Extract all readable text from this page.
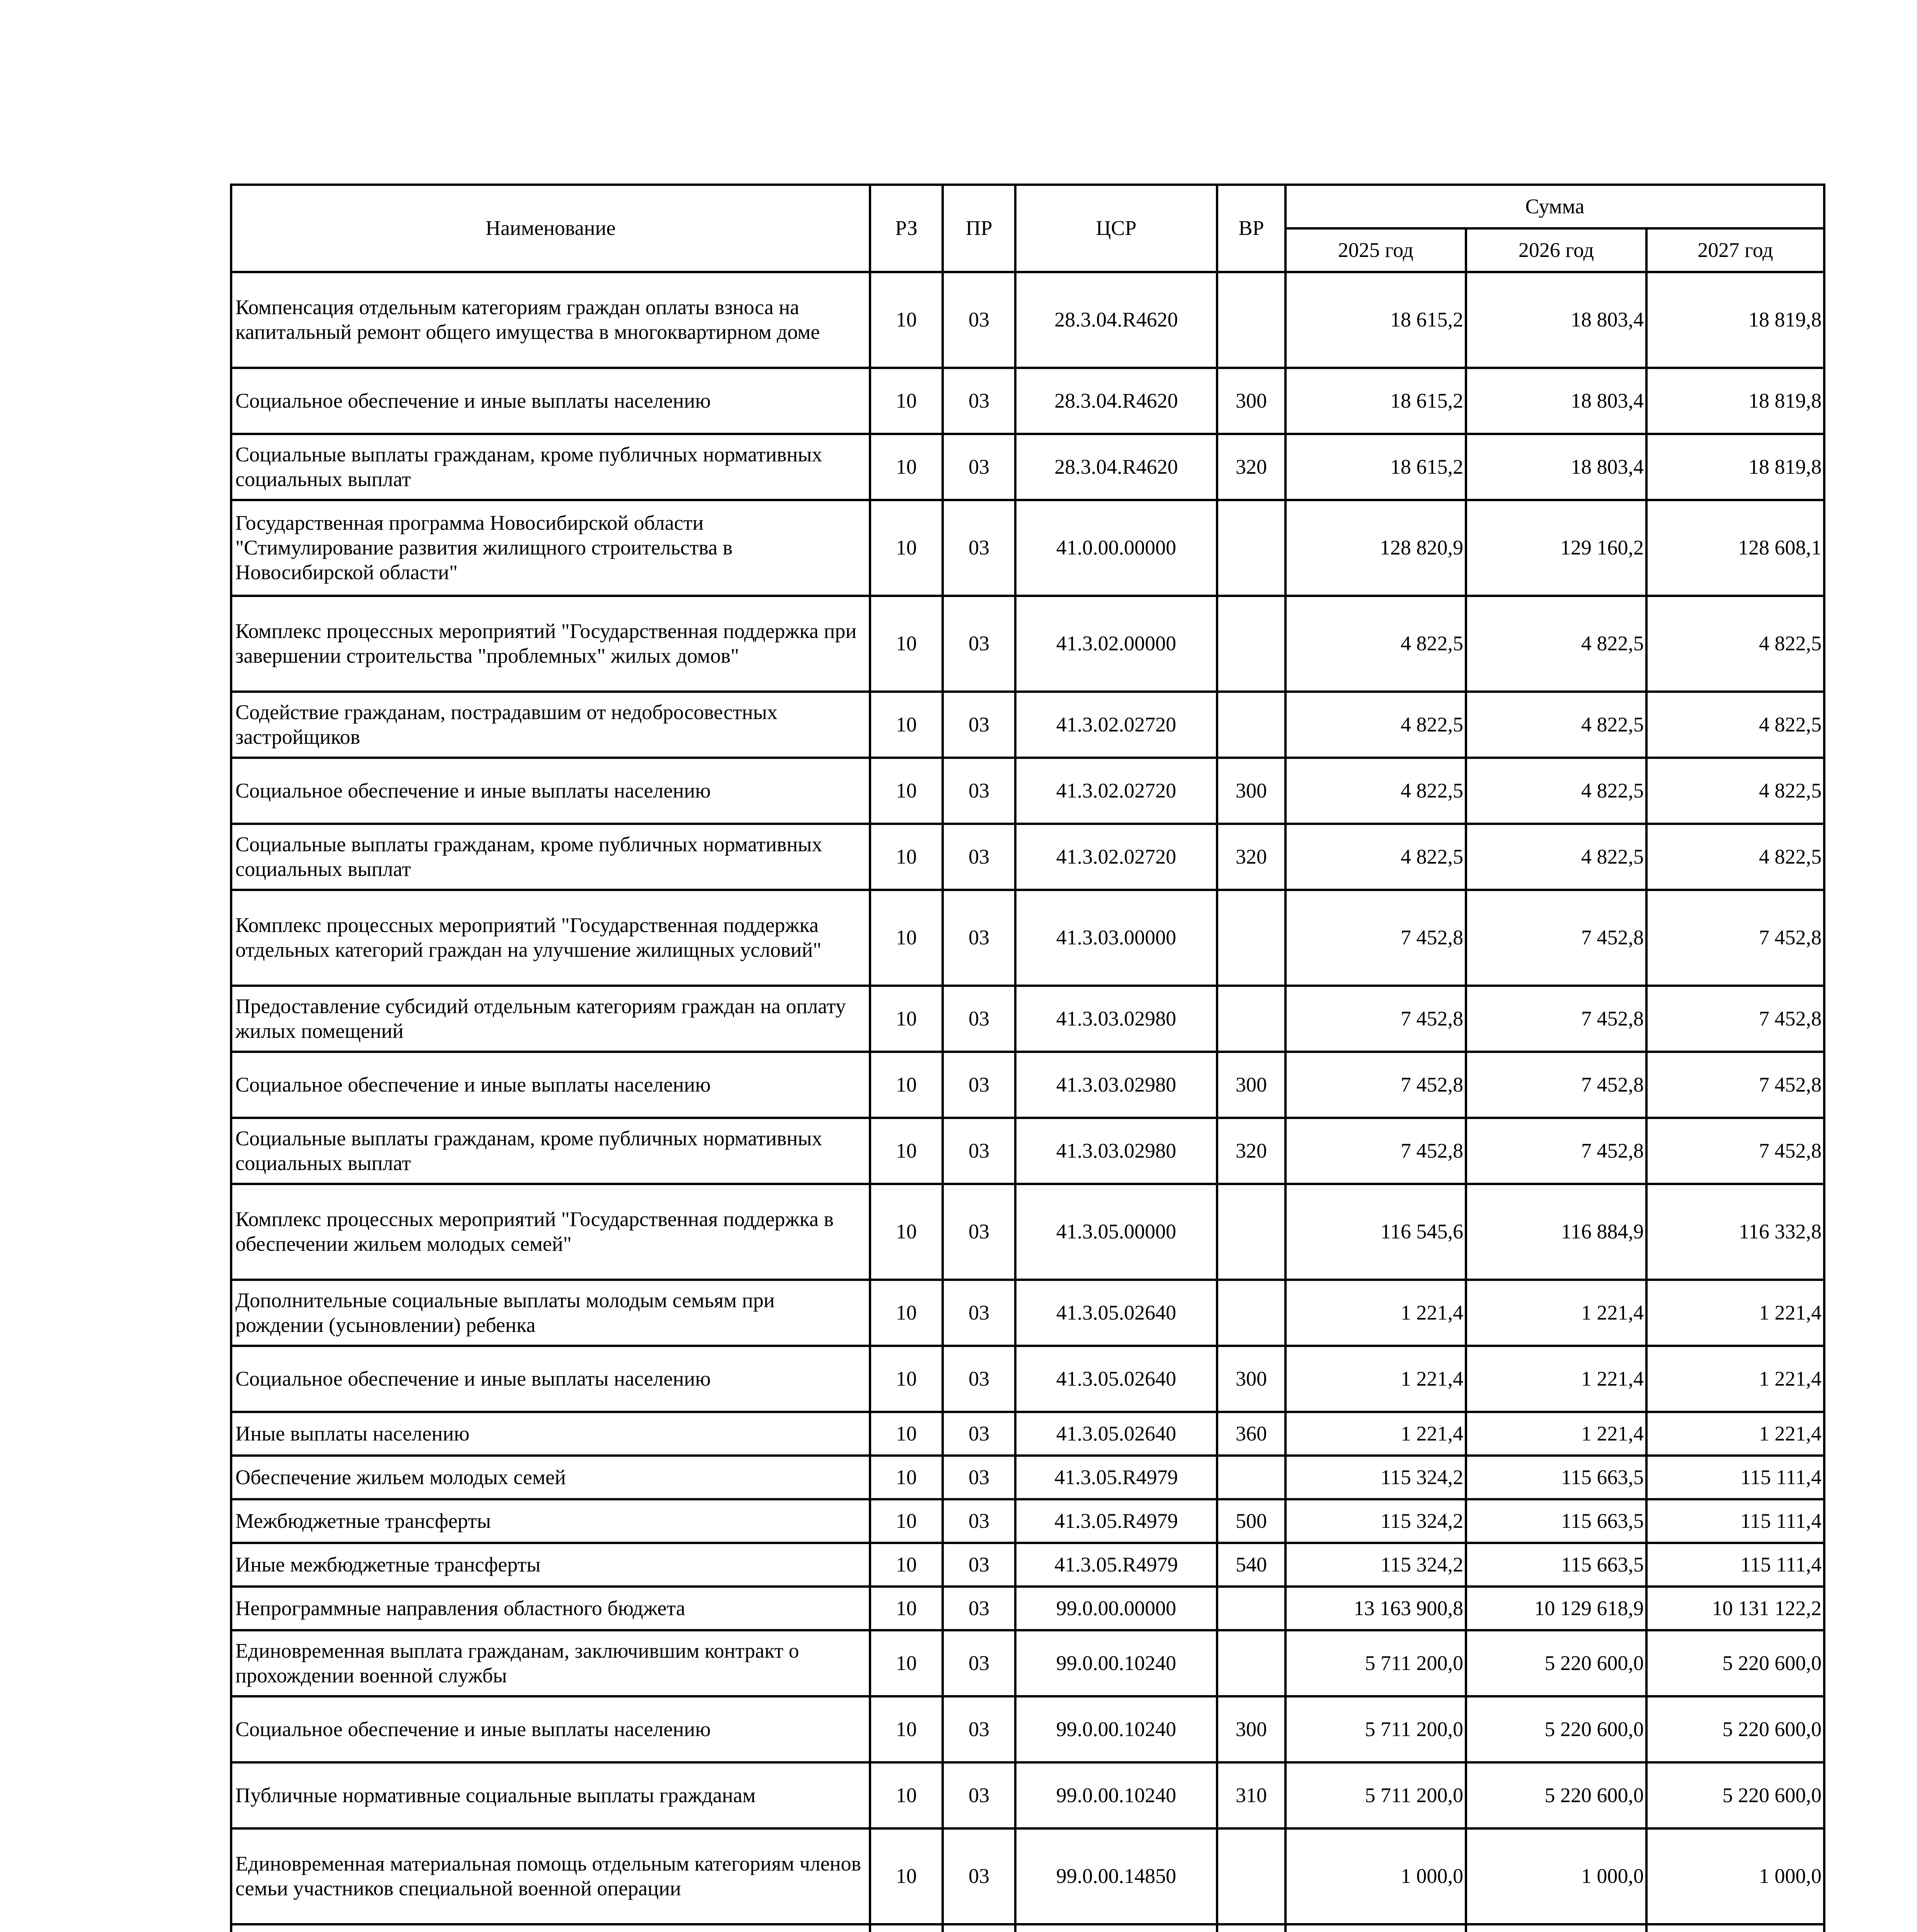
Наименование	РЗ	ПР	ЦСР	ВР	Сумма		
					2025 год	2026 год	2027 год
Компенсация отдельным категориям граждан оплаты взноса на капитальный ремонт общего имущества в многоквартирном доме	10	03	28.3.04.R4620		18 615,2	18 803,4	18 819,8
Социальное обеспечение и иные выплаты населению	10	03	28.3.04.R4620	300	18 615,2	18 803,4	18 819,8
Социальные выплаты гражданам, кроме публичных нормативных социальных выплат	10	03	28.3.04.R4620	320	18 615,2	18 803,4	18 819,8
Государственная программа Новосибирской области "Стимулирование развития жилищного строительства в Новосибирской области"	10	03	41.0.00.00000		128 820,9	129 160,2	128 608,1
Комплекс процессных мероприятий "Государственная поддержка при завершении строительства "проблемных" жилых домов"	10	03	41.3.02.00000		4 822,5	4 822,5	4 822,5
Содействие гражданам, пострадавшим от недобросовестных застройщиков	10	03	41.3.02.02720		4 822,5	4 822,5	4 822,5
Социальное обеспечение и иные выплаты населению	10	03	41.3.02.02720	300	4 822,5	4 822,5	4 822,5
Социальные выплаты гражданам, кроме публичных нормативных социальных выплат	10	03	41.3.02.02720	320	4 822,5	4 822,5	4 822,5
Комплекс процессных мероприятий "Государственная поддержка отдельных категорий граждан на улучшение жилищных условий"	10	03	41.3.03.00000		7 452,8	7 452,8	7 452,8
Предоставление субсидий отдельным категориям граждан на оплату жилых помещений	10	03	41.3.03.02980		7 452,8	7 452,8	7 452,8
Социальное обеспечение и иные выплаты населению	10	03	41.3.03.02980	300	7 452,8	7 452,8	7 452,8
Социальные выплаты гражданам, кроме публичных нормативных социальных выплат	10	03	41.3.03.02980	320	7 452,8	7 452,8	7 452,8
Комплекс процессных мероприятий "Государственная поддержка в обеспечении жильем молодых семей"	10	03	41.3.05.00000		116 545,6	116 884,9	116 332,8
Дополнительные социальные выплаты молодым семьям при рождении (усыновлении) ребенка	10	03	41.3.05.02640		1 221,4	1 221,4	1 221,4
Социальное обеспечение и иные выплаты населению	10	03	41.3.05.02640	300	1 221,4	1 221,4	1 221,4
Иные выплаты населению	10	03	41.3.05.02640	360	1 221,4	1 221,4	1 221,4
Обеспечение жильем молодых семей	10	03	41.3.05.R4979		115 324,2	115 663,5	115 111,4
Межбюджетные трансферты	10	03	41.3.05.R4979	500	115 324,2	115 663,5	115 111,4
Иные межбюджетные трансферты	10	03	41.3.05.R4979	540	115 324,2	115 663,5	115 111,4
Непрограммные направления областного бюджета	10	03	99.0.00.00000		13 163 900,8	10 129 618,9	10 131 122,2
Единовременная выплата гражданам, заключившим контракт о прохождении военной службы	10	03	99.0.00.10240		5 711 200,0	5 220 600,0	5 220 600,0
Социальное обеспечение и иные выплаты населению	10	03	99.0.00.10240	300	5 711 200,0	5 220 600,0	5 220 600,0
Публичные нормативные социальные выплаты гражданам	10	03	99.0.00.10240	310	5 711 200,0	5 220 600,0	5 220 600,0
Единовременная материальная помощь отдельным категориям членов семьи участников специальной военной операции	10	03	99.0.00.14850		1 000,0	1 000,0	1 000,0
